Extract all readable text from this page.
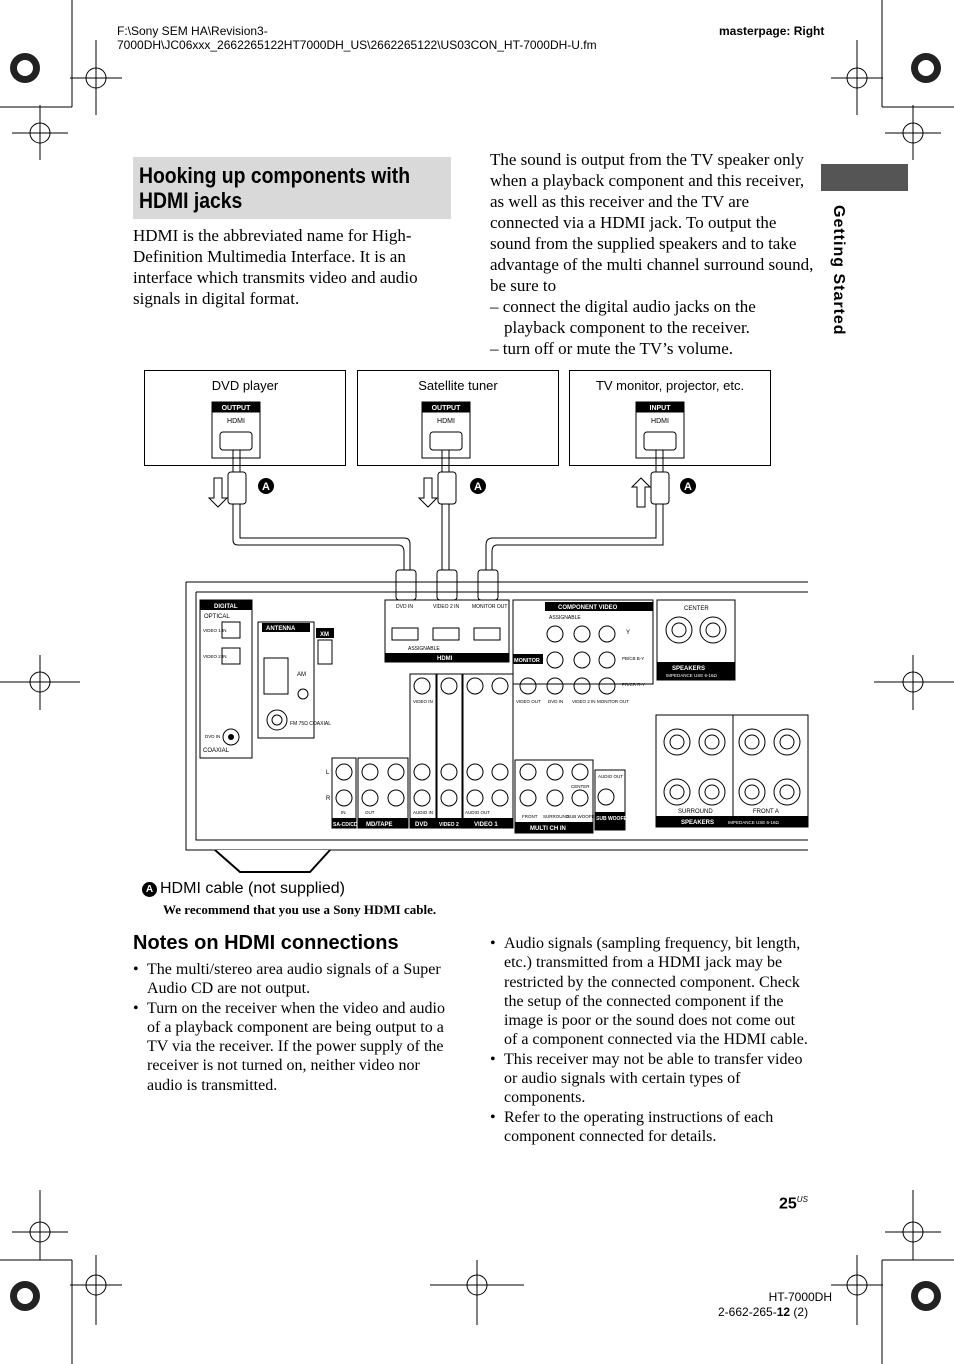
F:\Sony SEM HA\Revision3-
7000DH\JC06xxx_2662265122HT7000DH_US\2662265122\US03CON_HT-7000DH-U.fm
masterpage: Right
Hooking up components with
HDMI jacks
HDMI is the abbreviated name for High-Definition Multimedia Interface. It is an interface which transmits video and audio signals in digital format.
The sound is output from the TV speaker only when a playback component and this receiver, as well as this receiver and the TV are connected via a HDMI jack. To output the sound from the supplied speakers and to take advantage of the multi channel surround sound, be sure to

– connect the digital audio jacks on the playback component to the receiver.

– turn off or mute the TV’s volume.

Getting Started
DVD player	Satellite tuner	TV monitor, projector, etc.
OUTPUT
HDMI
OUTPUT
HDMI
INPUT
HDMI
A	A	A
DIGITAL
OPTICAL
VIDEO 1 IN
VIDEO 2 IN
DVD IN
COAXIAL
ANTENNA
XM
AM
FM 75Ω COAXIAL
DVD IN	VIDEO 2 IN	MONITOR OUT
ASSIGNABLE
HDMI
COMPONENT VIDEO
ASSIGNABLE
Y
PB/CB B-Y
PR/CR R-Y
MONITOR
VIDEO OUT DVD IN VIDEO 2 IN MONITOR OUT
CENTER
SPEAKERS
IMPEDANCE USE 6-16Ω
SURROUND	FRONT A
SPEAKERS	IMPEDANCE USE 6-16Ω
L
R
SA-CD/CD MD/TAPE	DVD VIDEO 2	VIDEO 1
MULTI CH IN
SUB WOOFER
AUDIO OUT
IN	OUT
VIDEO IN
AUDIO IN	AUDIO OUT
FRONT SURROUND
CENTER
SUB WOOFER
A HDMI cable (not supplied)
We recommend that you use a Sony HDMI cable.
Notes on HDMI connections
• The multi/stereo area audio signals of a Super Audio CD are not output.
• Turn on the receiver when the video and audio of a playback component are being output to a TV via the receiver. If the power supply of the receiver is not turned on, neither video nor audio is transmitted.
• Audio signals (sampling frequency, bit length, etc.) transmitted from a HDMI jack may be restricted by the connected component. Check the setup of the connected component if the image is poor or the sound does not come out of a component connected via the HDMI cable.
• This receiver may not be able to transfer video or audio signals with certain types of components.
• Refer to the operating instructions of each component connected for details.
$25^{US}$
HT-7000DH
2-662-265-12 (2)
